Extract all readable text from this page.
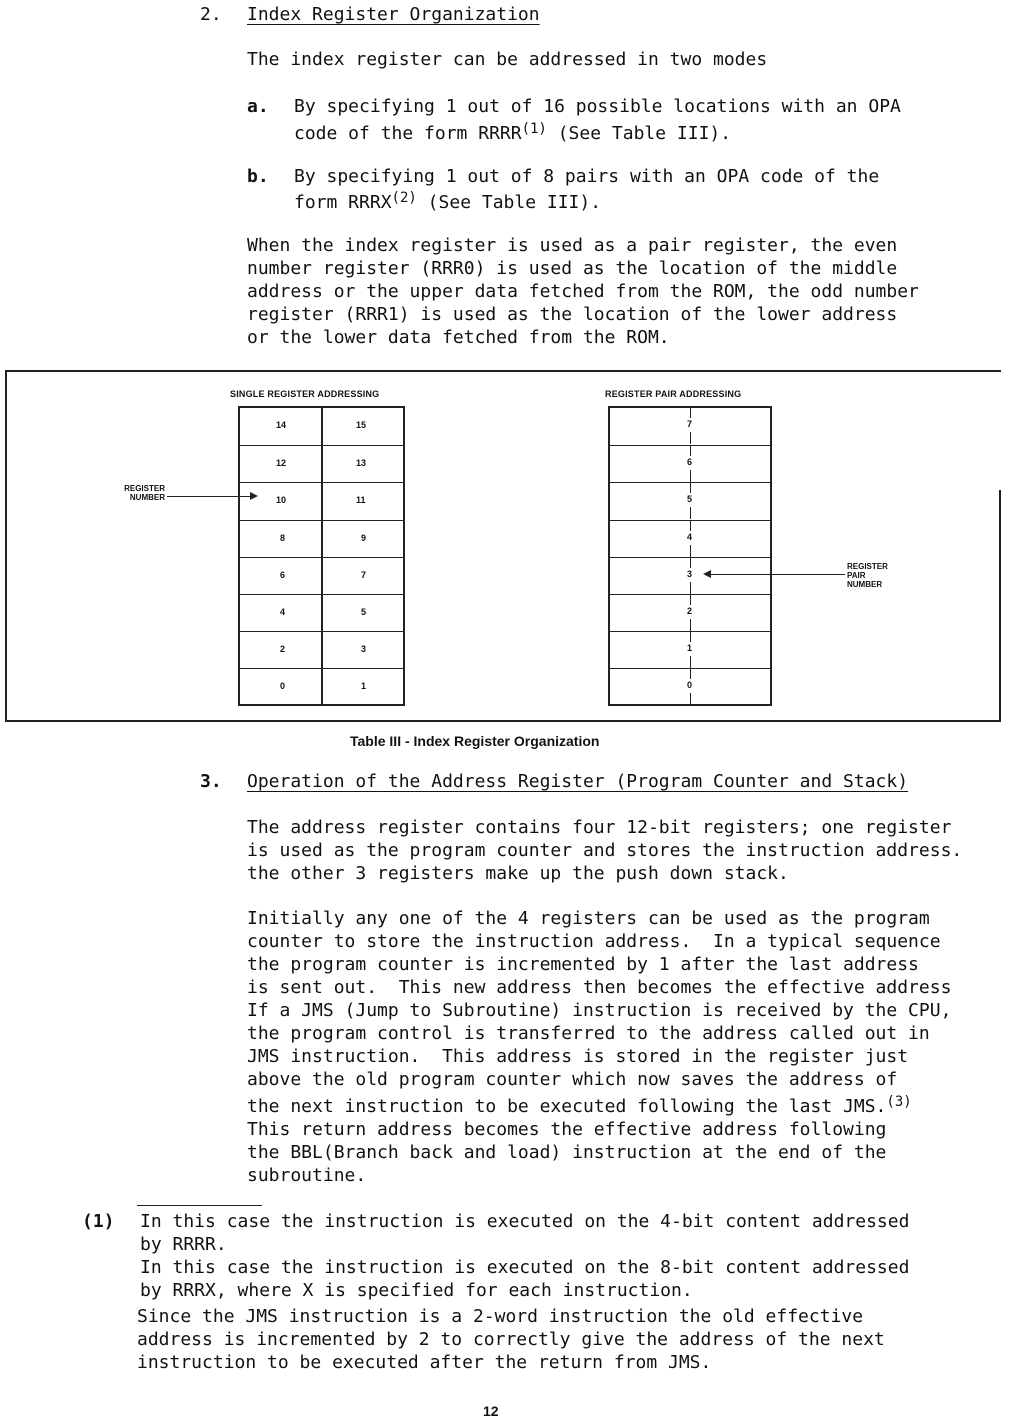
2. Index Register Organization
The index register can be addressed in two modes
a. By specifying 1 out of 16 possible locations with an OPA
code of the form RRRR$^{(1)}$ (See Table III).
b. By specifying 1 out of 8 pairs with an OPA code of the
form RRRX$^{(2)}$ (See Table III).
When the index register is used as a pair register, the even
number register (RRR0) is used as the location of the middle
address or the upper data fetched from the ROM, the odd number
register (RRR1) is used as the location of the lower address
or the lower data fetched from the ROM.
SINGLE REGISTER ADDRESSING	REGISTER PAIR ADDRESSING
14	15
12	13
10	11
8	9
6	7
4	5
2	3
0	1
7
6
5
4
3
2
1
0
REGISTER
NUMBER
REGISTER
PAIR
NUMBER
Table III - Index Register Organization
3. Operation of the Address Register (Program Counter and Stack)
The address register contains four 12-bit registers; one register
is used as the program counter and stores the instruction address.
the other 3 registers make up the push down stack.
Initially any one of the 4 registers can be used as the program
counter to store the instruction address.  In a typical sequence
the program counter is incremented by 1 after the last address
is sent out.  This new address then becomes the effective address
If a JMS (Jump to Subroutine) instruction is received by the CPU,
the program control is transferred to the address called out in
JMS instruction.  This address is stored in the register just
above the old program counter which now saves the address of
the next instruction to be executed following the last JMS.$^{(3)}$
This return address becomes the effective address following
the BBL(Branch back and load) instruction at the end of the
subroutine.
(1) In this case the instruction is executed on the 4-bit content addressed
by RRRR.
In this case the instruction is executed on the 8-bit content addressed
by RRRX, where X is specified for each instruction.
Since the JMS instruction is a 2-word instruction the old effective
address is incremented by 2 to correctly give the address of the next
instruction to be executed after the return from JMS.
12
